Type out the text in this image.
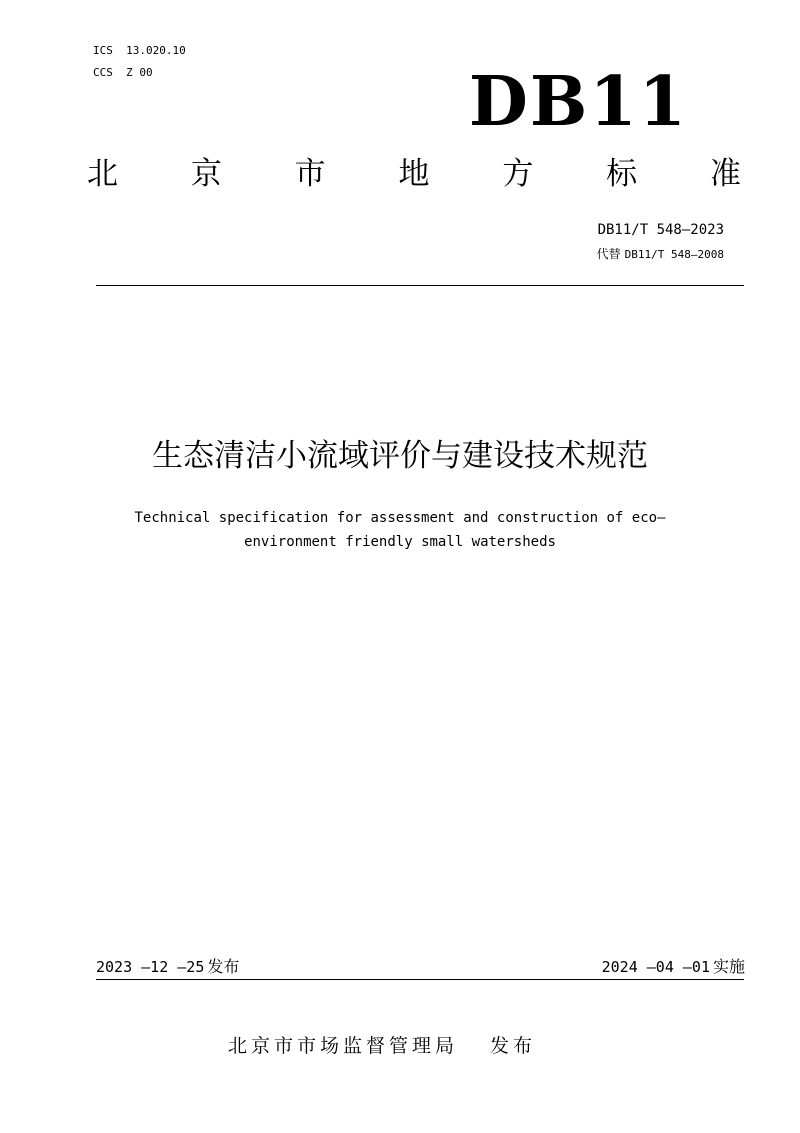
ICS  13.020.10
CCS  Z 00	DB11
北 京 市 地 方 标 准
DB11/T 548—2023
代替 DB11/T 548—2008
生态清洁小流域评价与建设技术规范
Technical specification for assessment and construction of eco—
environment friendly small watersheds
2023 —12 —25 发布	2024 —04 —01 实施
北京市市场监督管理局 发布
